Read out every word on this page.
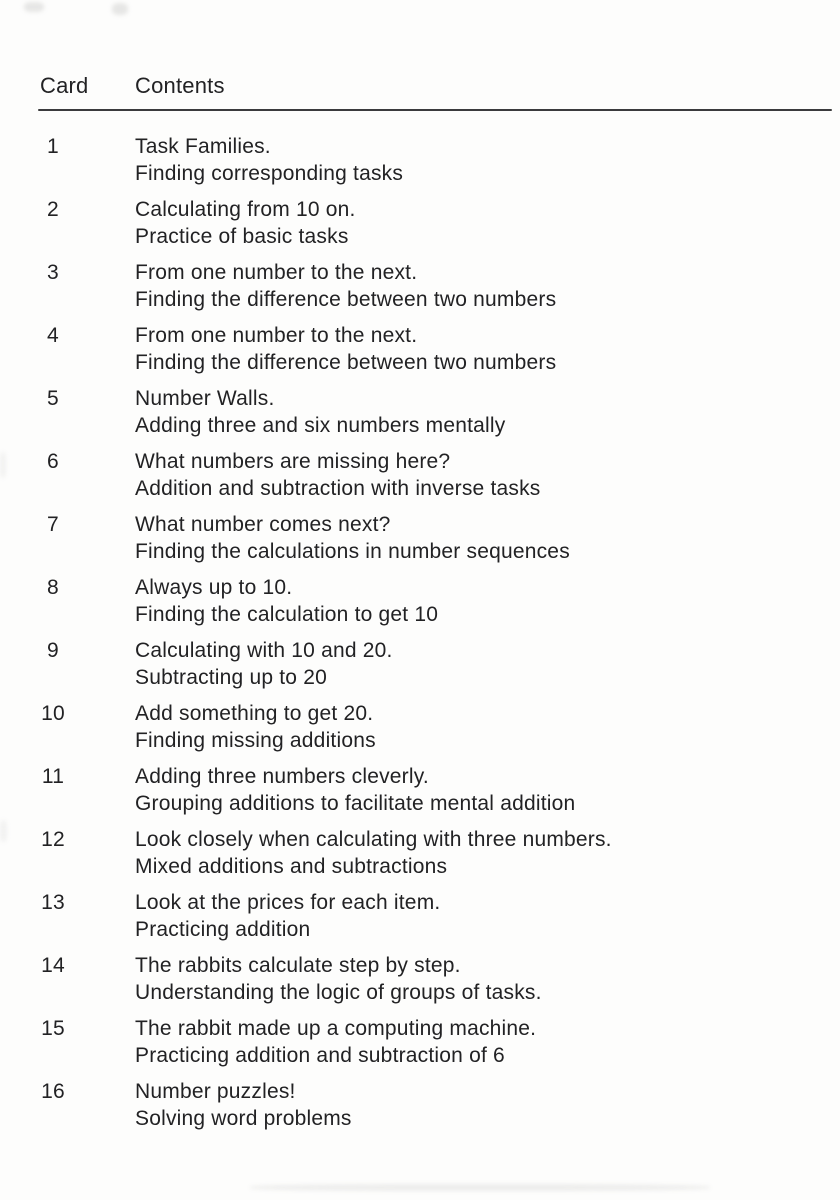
Card	Contents
1	Task Families.
Finding corresponding tasks
2	Calculating from 10 on.
Practice of basic tasks
3	From one number to the next.
Finding the difference between two numbers
4	From one number to the next.
Finding the difference between two numbers
5	Number Walls.
Adding three and six numbers mentally
6	What numbers are missing here?
Addition and subtraction with inverse tasks
7	What number comes next?
Finding the calculations in number sequences
8	Always up to 10.
Finding the calculation to get 10
9	Calculating with 10 and 20.
Subtracting up to 20
10	Add something to get 20.
Finding missing additions
11	Adding three numbers cleverly.
Grouping additions to facilitate mental addition
12	Look closely when calculating with three numbers.
Mixed additions and subtractions
13	Look at the prices for each item.
Practicing addition
14	The rabbits calculate step by step.
Understanding the logic of groups of tasks.
15	The rabbit made up a computing machine.
Practicing addition and subtraction of 6
16	Number puzzles!
Solving word problems
